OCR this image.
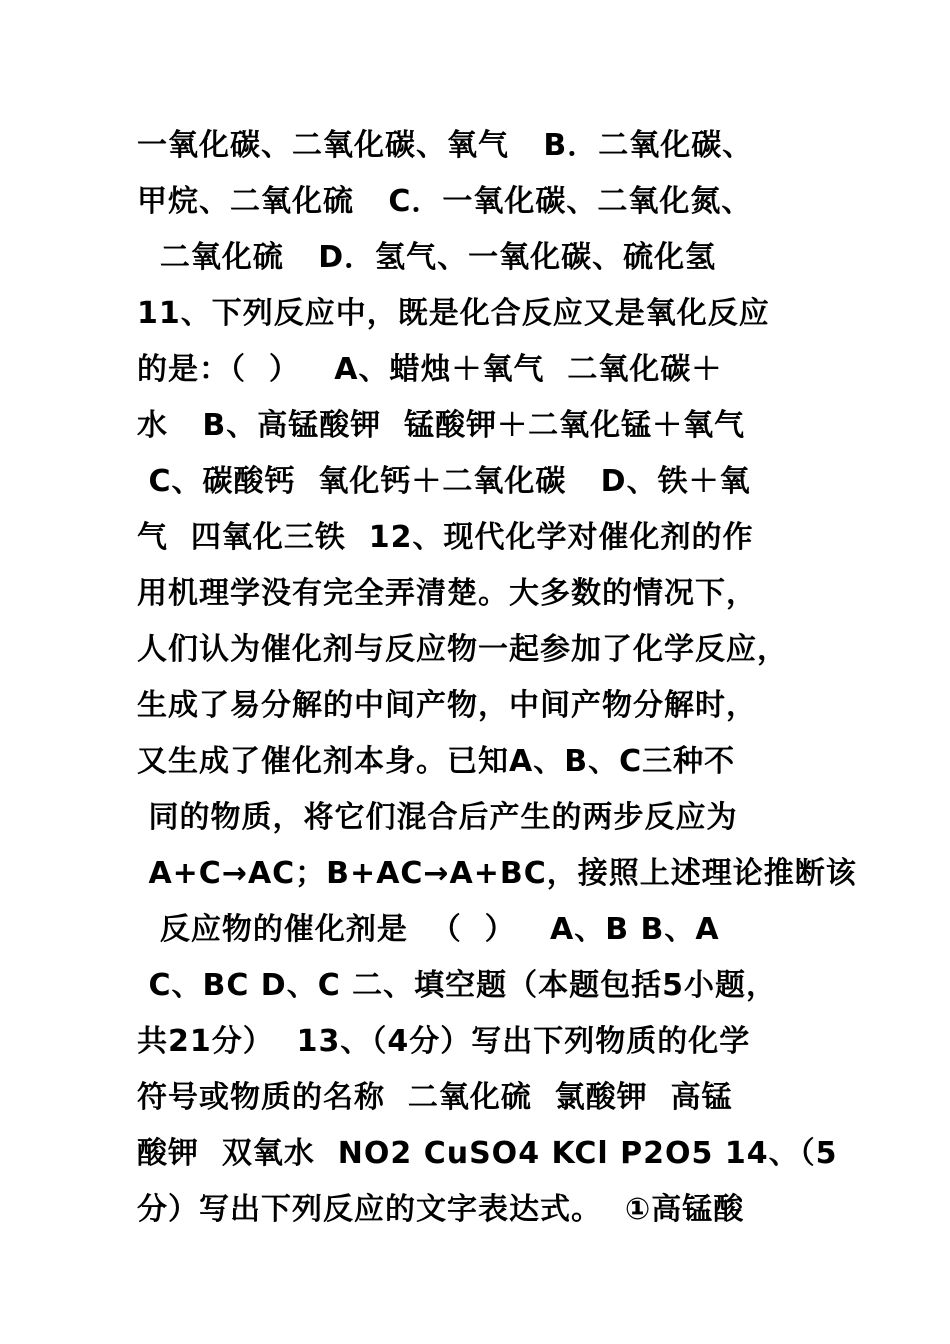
一氧化碳、二氧化碳、氧气   B．二氧化碳、
甲烷、二氧化硫   C．一氧化碳、二氧化氮、
二氧化硫   D．氢气、一氧化碳、硫化氢
11、下列反应中，既是化合反应又是氧化反应
的是：（  ）   A、蜡烛＋氧气  二氧化碳＋
水   B、高锰酸钾  锰酸钾＋二氧化锰＋氧气
C、碳酸钙  氧化钙＋二氧化碳   D、铁＋氧
气  四氧化三铁  12、现代化学对催化剂的作
用机理学没有完全弄清楚。大多数的情况下，
人们认为催化剂与反应物一起参加了化学反应，
生成了易分解的中间产物，中间产物分解时，
又生成了催化剂本身。已知A、B、C三种不
同的物质，将它们混合后产生的两步反应为
A+C→AC；B+AC→A+BC，接照上述理论推断该
反应物的催化剂是  （  ）   A、B B、A
C、BC D、C 二、填空题（本题包括5小题，
共21分）  13、（4分）写出下列物质的化学
符号或物质的名称  二氧化硫  氯酸钾  高锰
酸钾  双氧水  NO2 CuSO4 KCl P2O5 14、（5
分）写出下列反应的文字表达式。  ①高锰酸
